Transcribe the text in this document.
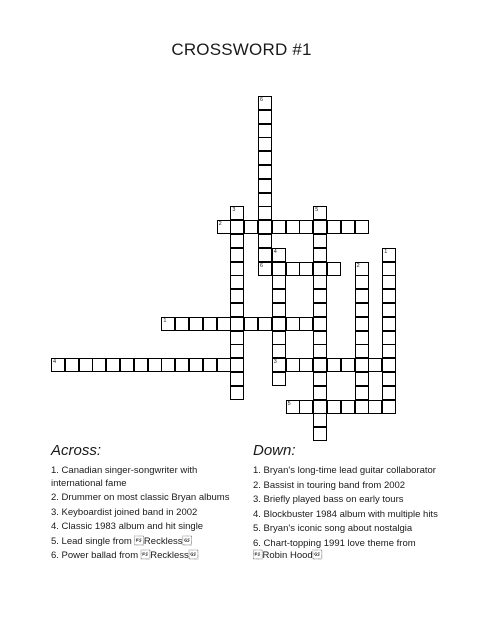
CROSSWORD #1
1
2
3
4
5
6
1
2
3
4
5
6
Across:
1. Canadian singer-songwriter with international fame
2. Drummer on most classic Bryan albums
3. Keyboardist joined band in 2002
4. Classic 1983 album and hit single
5. Lead single from Reckless
6. Power ballad from Reckless
Down:
1. Bryan's long-time lead guitar collaborator
2. Bassist in touring band from 2002
3. Briefly played bass on early tours
4. Blockbuster 1984 album with multiple hits
5. Bryan's iconic song about nostalgia
6. Chart-topping 1991 love theme from Robin Hood
